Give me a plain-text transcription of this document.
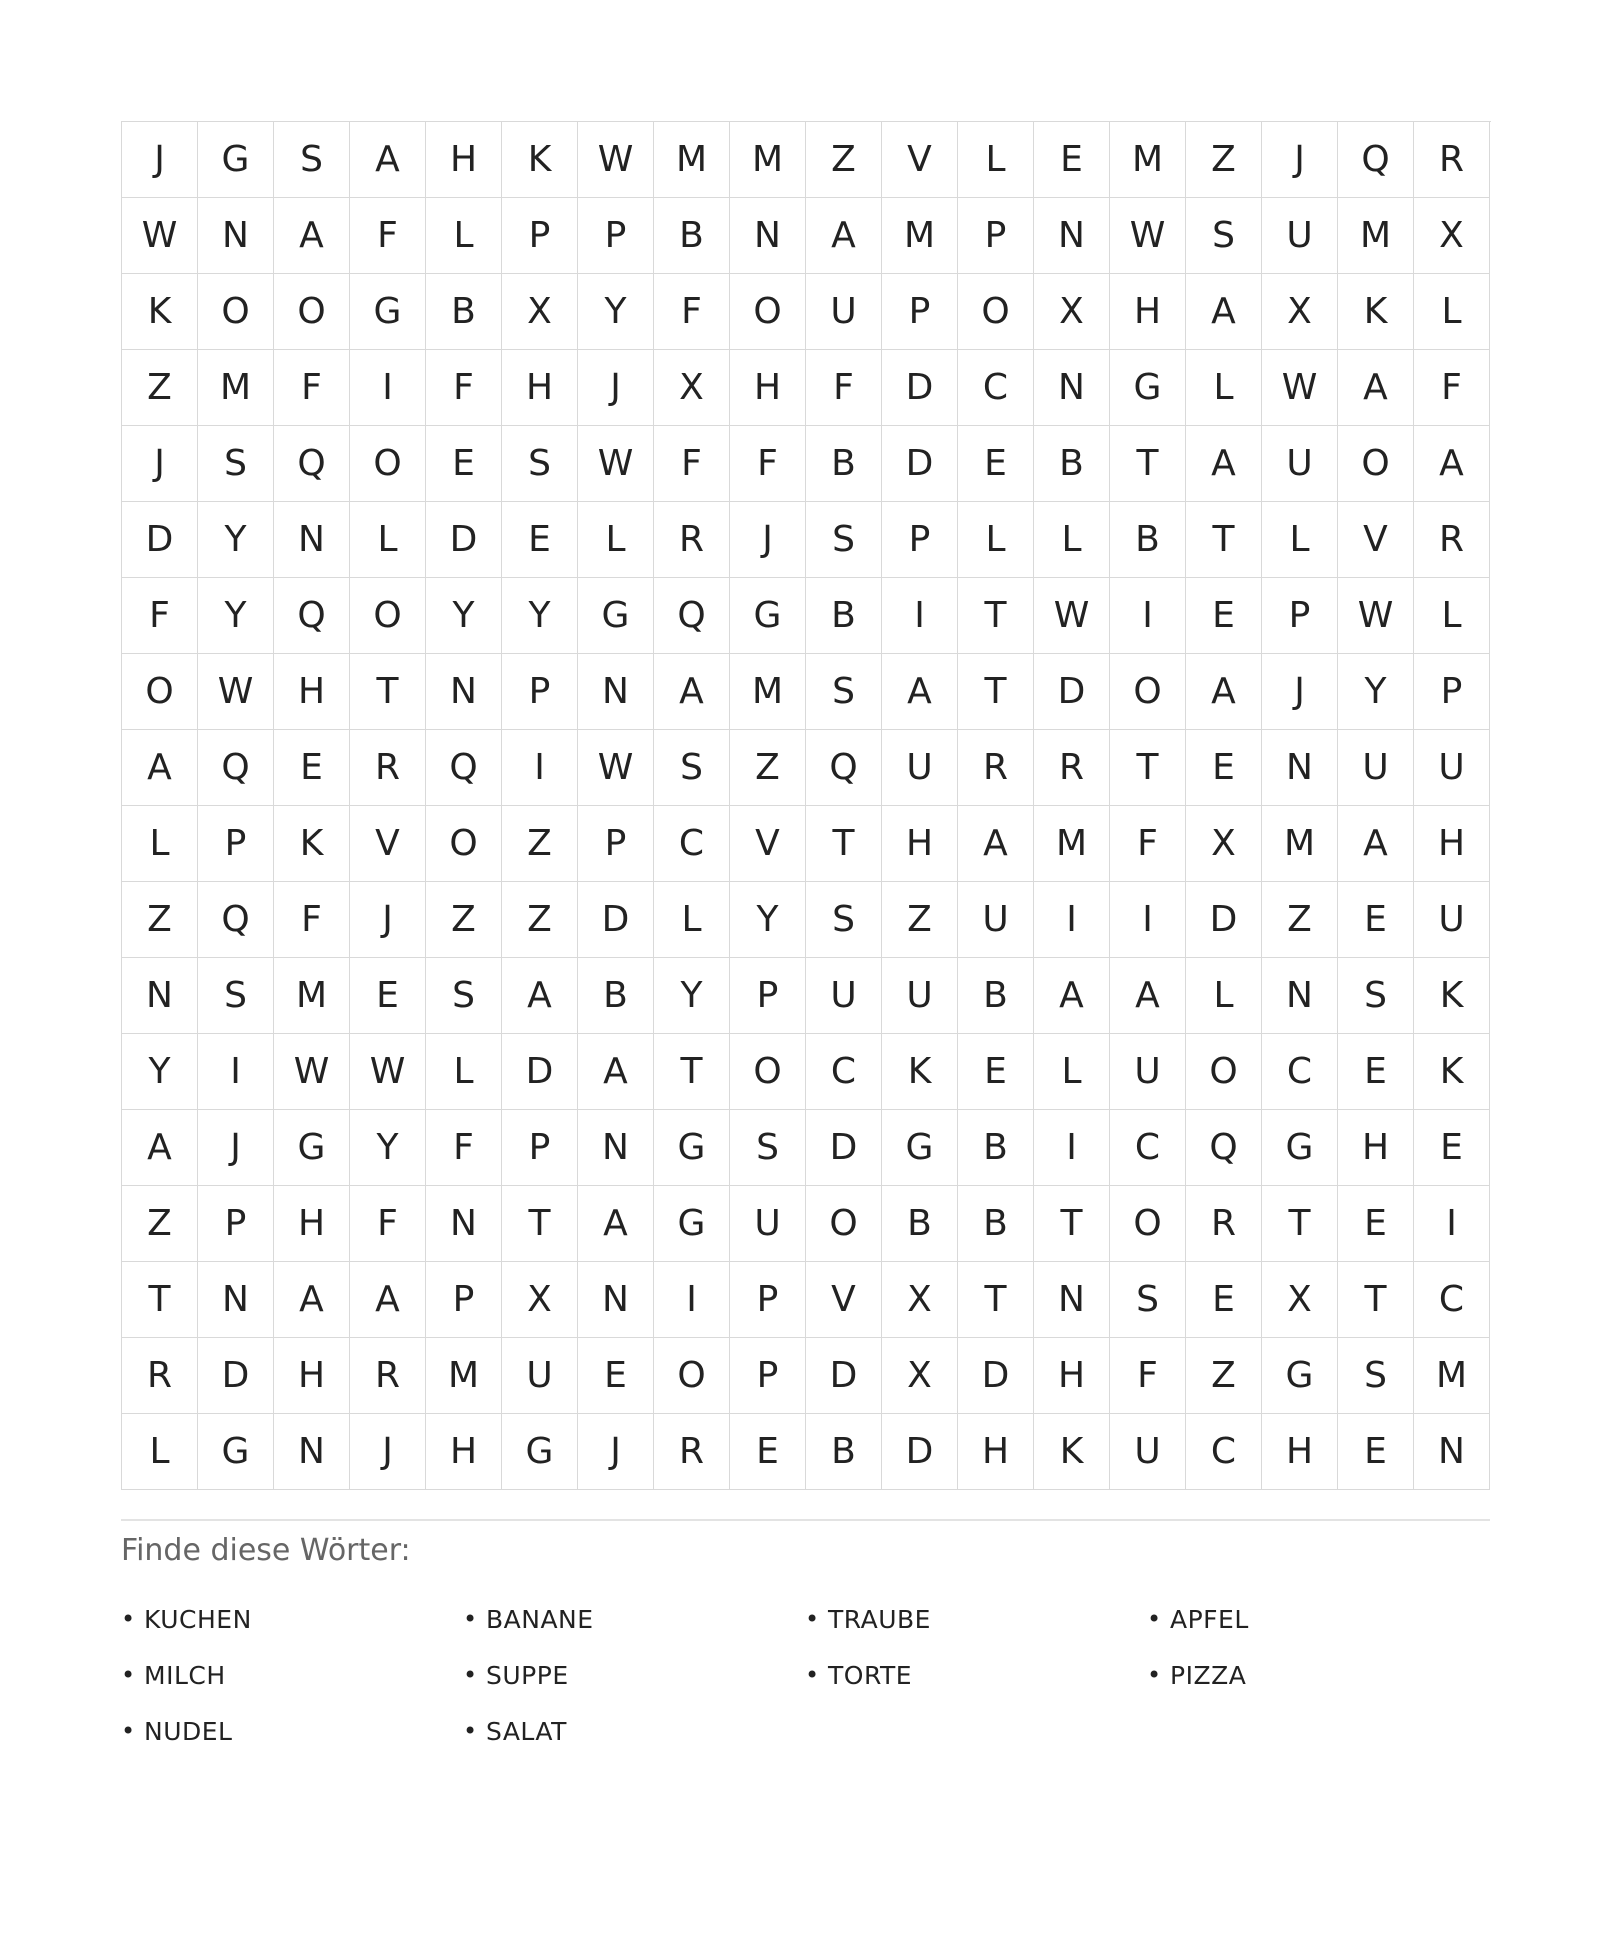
J	G	S	A	H	K	W	M	M	Z	V	L	E	M	Z	J	Q	R
W	N	A	F	L	P	P	B	N	A	M	P	N	W	S	U	M	X
K	O	O	G	B	X	Y	F	O	U	P	O	X	H	A	X	K	L
Z	M	F	I	F	H	J	X	H	F	D	C	N	G	L	W	A	F
J	S	Q	O	E	S	W	F	F	B	D	E	B	T	A	U	O	A
D	Y	N	L	D	E	L	R	J	S	P	L	L	B	T	L	V	R
F	Y	Q	O	Y	Y	G	Q	G	B	I	T	W	I	E	P	W	L
O	W	H	T	N	P	N	A	M	S	A	T	D	O	A	J	Y	P
A	Q	E	R	Q	I	W	S	Z	Q	U	R	R	T	E	N	U	U
L	P	K	V	O	Z	P	C	V	T	H	A	M	F	X	M	A	H
Z	Q	F	J	Z	Z	D	L	Y	S	Z	U	I	I	D	Z	E	U
N	S	M	E	S	A	B	Y	P	U	U	B	A	A	L	N	S	K
Y	I	W	W	L	D	A	T	O	C	K	E	L	U	O	C	E	K
A	J	G	Y	F	P	N	G	S	D	G	B	I	C	Q	G	H	E
Z	P	H	F	N	T	A	G	U	O	B	B	T	O	R	T	E	I
T	N	A	A	P	X	N	I	P	V	X	T	N	S	E	X	T	C
R	D	H	R	M	U	E	O	P	D	X	D	H	F	Z	G	S	M
L	G	N	J	H	G	J	R	E	B	D	H	K	U	C	H	E	N
Finde diese Wörter:
• KUCHEN	• BANANE	• TRAUBE	• APFEL
• MILCH	• SUPPE	• TORTE	• PIZZA
• NUDEL	• SALAT
